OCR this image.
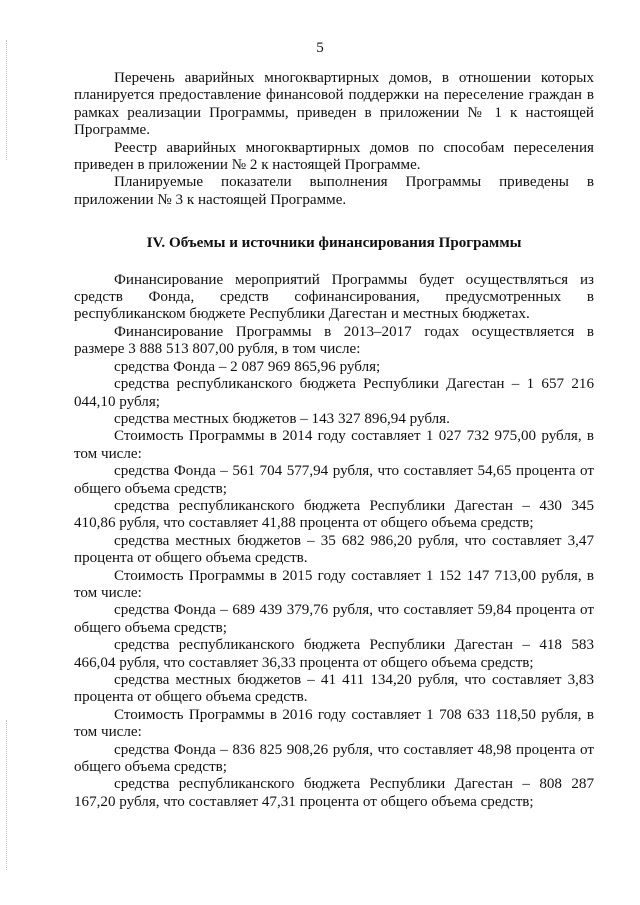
5

Перечень аварийных многоквартирных домов, в отношении которых планируется предоставление финансовой поддержки на переселение граждан в рамках реализации Программы, приведен в приложении № 1 к настоящей Программе.

Реестр аварийных многоквартирных домов по способам переселения приведен в приложении № 2 к настоящей Программе.

Планируемые показатели выполнения Программы приведены в приложении № 3 к настоящей Программе.

IV. Объемы и источники финансирования Программы

Финансирование мероприятий Программы будет осуществляться из средств Фонда, средств софинансирования, предусмотренных в республиканском бюджете Республики Дагестан и местных бюджетах.

Финансирование Программы в 2013–2017 годах осуществляется в размере 3 888 513 807,00 рубля, в том числе:

средства Фонда – 2 087 969 865,96 рубля;

средства республиканского бюджета Республики Дагестан – 1 657 216 044,10 рубля;

средства местных бюджетов – 143 327 896,94 рубля.

Стоимость Программы в 2014 году составляет 1 027 732 975,00 рубля, в том числе:

средства Фонда – 561 704 577,94 рубля, что составляет 54,65 процента от общего объема средств;

средства республиканского бюджета Республики Дагестан – 430 345 410,86 рубля, что составляет 41,88 процента от общего объема средств;

средства местных бюджетов – 35 682 986,20 рубля, что составляет 3,47 процента от общего объема средств.

Стоимость Программы в 2015 году составляет 1 152 147 713,00 рубля, в том числе:

средства Фонда – 689 439 379,76 рубля, что составляет 59,84 процента от общего объема средств;

средства республиканского бюджета Республики Дагестан – 418 583 466,04 рубля, что составляет 36,33 процента от общего объема средств;

средства местных бюджетов – 41 411 134,20 рубля, что составляет 3,83 процента от общего объема средств.

Стоимость Программы в 2016 году составляет 1 708 633 118,50 рубля, в том числе:

средства Фонда – 836 825 908,26 рубля, что составляет 48,98 процента от общего объема средств;

средства республиканского бюджета Республики Дагестан – 808 287 167,20 рубля, что составляет 47,31 процента от общего объема средств;
